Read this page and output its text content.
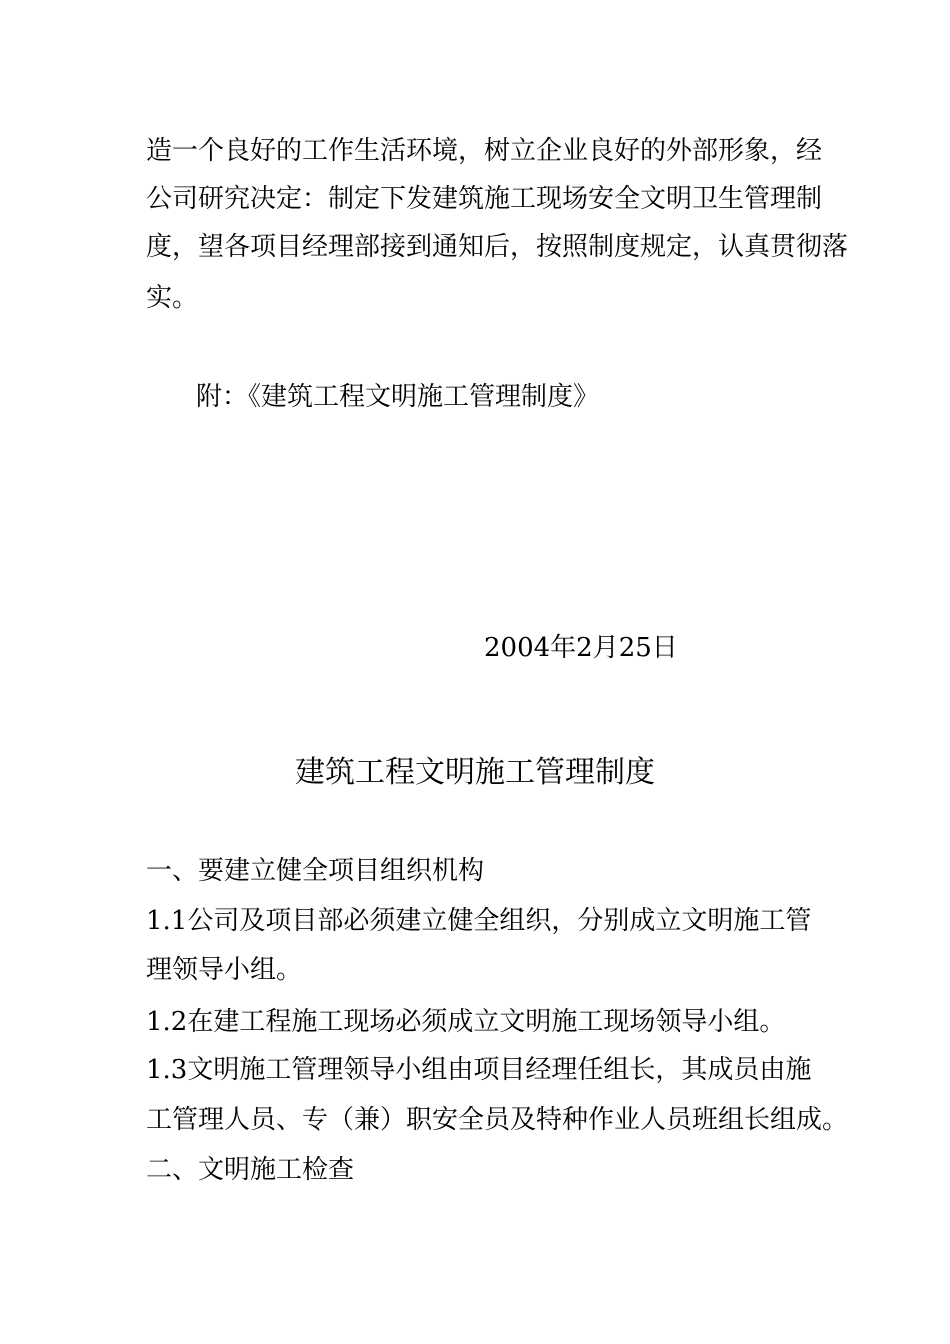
造一个良好的工作生活环境，树立企业良好的外部形象，经

公司研究决定：制定下发建筑施工现场安全文明卫生管理制

度，望各项目经理部接到通知后，按照制度规定，认真贯彻落

实。

附：《建筑工程文明施工管理制度》

2004年2月25日

建筑工程文明施工管理制度

一、要建立健全项目组织机构

1.1公司及项目部必须建立健全组织，分别成立文明施工管

理领导小组。

1.2在建工程施工现场必须成立文明施工现场领导小组。

1.3文明施工管理领导小组由项目经理任组长，其成员由施

工管理人员、专（兼）职安全员及特种作业人员班组长组成。

二、文明施工检查
